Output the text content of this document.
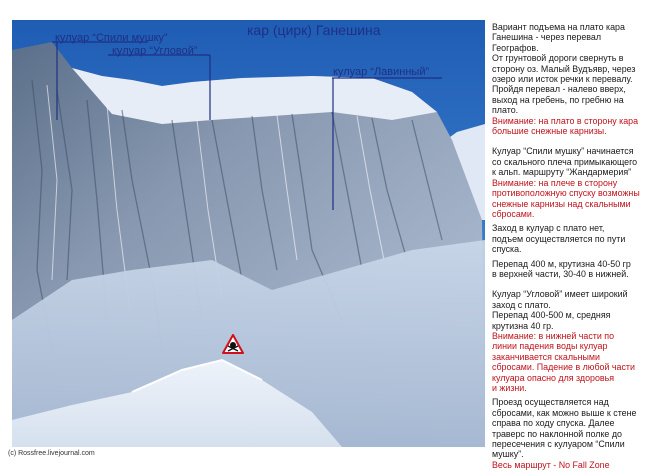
кар (цирк) Ганешина
кулуар “Спили мушку”
кулуар “Угловой”
кулуар “Лавинный”
(c) Rossfree.livejournal.com

Вариант подъема на плато кара

Ганешина - через перевал

Географов.

От грунтовой дороги свернуть в

сторону оз. Малый Вудъявр, через

озеро или исток речки к перевалу.

Пройдя перевал - налево вверх,

выход на гребень, по гребню на

плато.

Внимание: на плато в сторону кара

большие снежные карнизы.

Кулуар “Спили мушку” начинается

со скального плеча примыкающего

к альп. маршруту “Жандармерия”

Внимание: на плече в сторону

противоположную спуску возможны

снежные карнизы над скальными

сбросами.

Заход в кулуар с плато нет,

подъем осуществляется по пути

спуска.

Перепад 400 м, крутизна 40-50 гр

в верхней части, 30-40 в нижней.

Кулуар “Угловой” имеет широкий

заход с плато.

Перепад 400-500 м, средняя

крутизна 40 гр.

Внимание: в нижней части по

линии падения воды кулуар

заканчивается скальными

сбросами. Падение в любой части

кулуара опасно для здоровья

и жизни.

Проезд осуществляется над

сбросами, как можно выше к стене

справа по ходу спуска. Далее

траверс по наклонной полке до

пересечения с кулуаром “Спили

мушку”.

Весь маршрут - No Fall Zone
